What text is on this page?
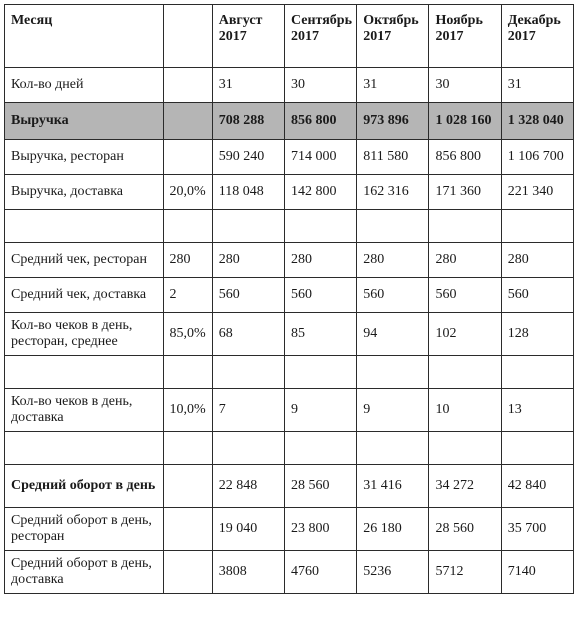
Месяц		Август 2017	Сентябрь 2017	Октябрь 2017	Ноябрь 2017	Декабрь 2017
Кол-во дней		31	30	31	30	31
Выручка		708 288	856 800	973 896	1 028 160	1 328 040
Выручка, ресторан		590 240	714 000	811 580	856 800	1 106 700
Выручка, доставка	20,0%	118 048	142 800	162 316	171 360	221 340

Средний чек, ресторан	280	280	280	280	280	280
Средний чек, доставка	2	560	560	560	560	560
Кол-во чеков в день, ресторан, среднее	85,0%	68	85	94	102	128

Кол-во чеков в день, доставка	10,0%	7	9	9	10	13

Средний оборот в день		22 848	28 560	31 416	34 272	42 840
Средний оборот в день, ресторан		19 040	23 800	26 180	28 560	35 700
Средний оборот в день, доставка		3808	4760	5236	5712	7140
